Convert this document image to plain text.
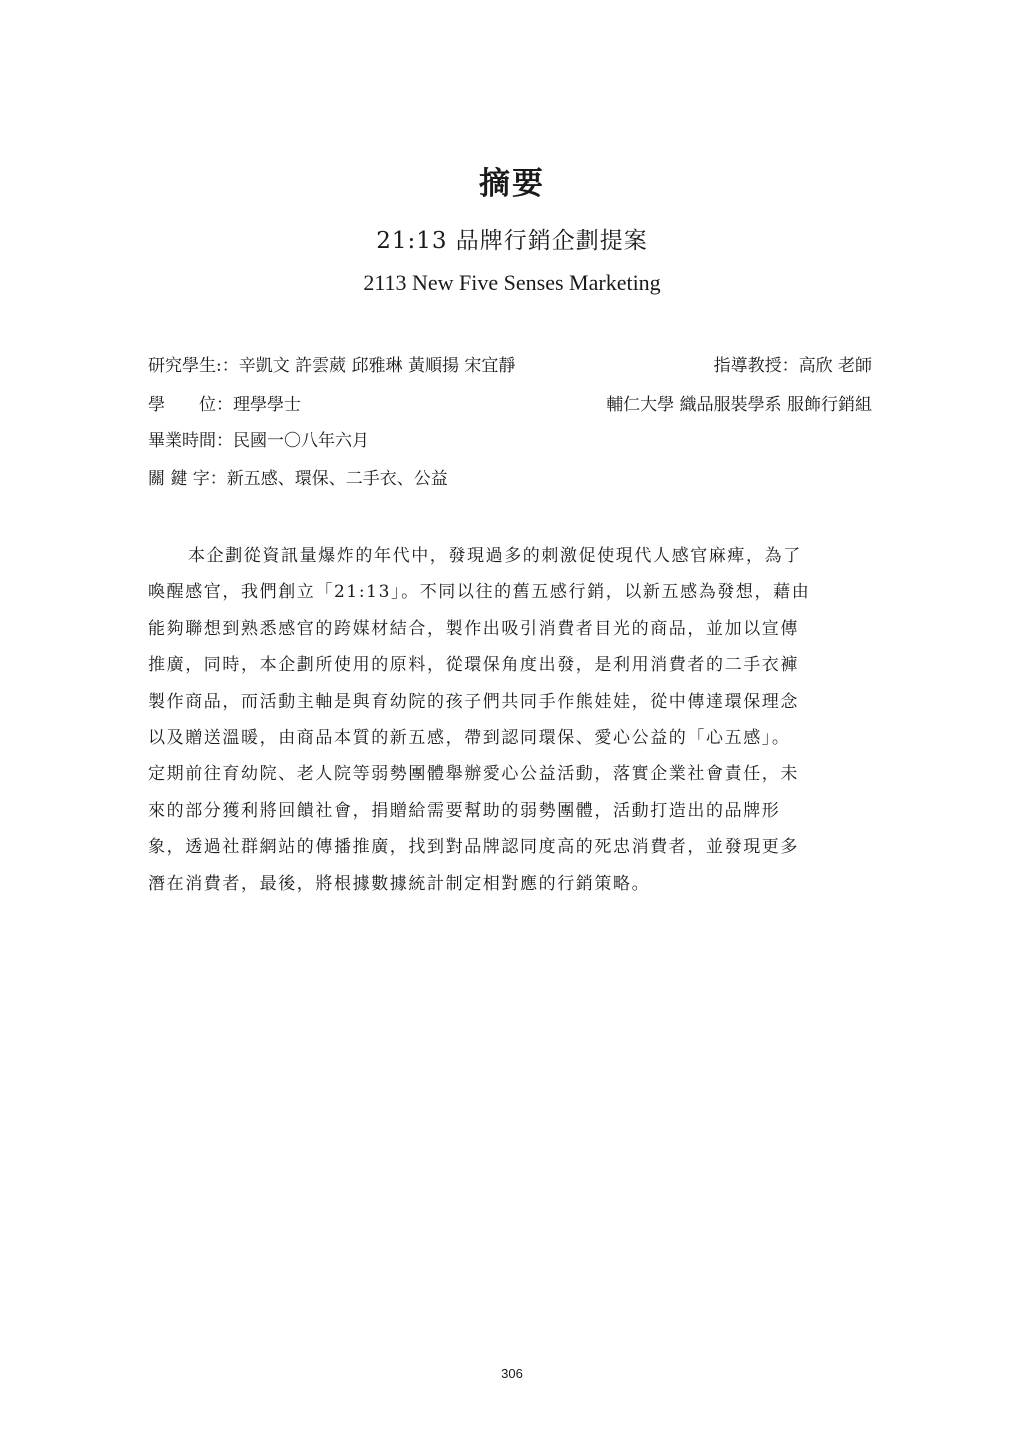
摘要
21:13 品牌行銷企劃提案
2113 New Five Senses Marketing
研究學生:：辛凱文 許雲葳 邱雅琳 黃順揚 宋宜靜	指導教授：高欣 老師
學　　位：理學學士	輔仁大學 織品服裝學系 服飾行銷組
畢業時間：民國一〇八年六月
關 鍵 字：新五感、環保、二手衣、公益
本企劃從資訊量爆炸的年代中，發現過多的刺激促使現代人感官麻痺，為了
喚醒感官，我們創立「21:13」。不同以往的舊五感行銷，以新五感為發想，藉由
能夠聯想到熟悉感官的跨媒材結合，製作出吸引消費者目光的商品，並加以宣傳
推廣，同時，本企劃所使用的原料，從環保角度出發，是利用消費者的二手衣褲
製作商品，而活動主軸是與育幼院的孩子們共同手作熊娃娃，從中傳達環保理念
以及贈送溫暖，由商品本質的新五感，帶到認同環保、愛心公益的「心五感」。
定期前往育幼院、老人院等弱勢團體舉辦愛心公益活動，落實企業社會責任，未
來的部分獲利將回饋社會，捐贈給需要幫助的弱勢團體，活動打造出的品牌形
象，透過社群網站的傳播推廣，找到對品牌認同度高的死忠消費者，並發現更多
潛在消費者，最後，將根據數據統計制定相對應的行銷策略。
306
